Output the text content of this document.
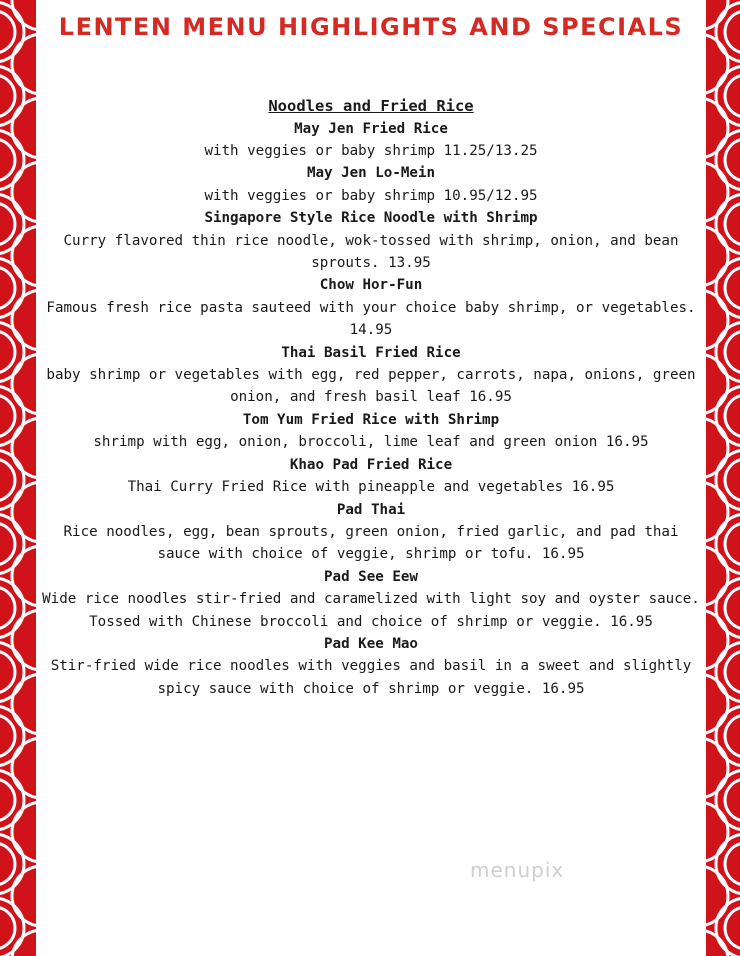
LENTEN MENU HIGHLIGHTS AND SPECIALS
Noodles and Fried Rice
May Jen Fried Rice
with veggies or baby shrimp 11.25/13.25
May Jen Lo-Mein
with veggies or baby shrimp 10.95/12.95
Singapore Style Rice Noodle with Shrimp
Curry flavored thin rice noodle, wok-tossed with shrimp, onion, and bean sprouts. 13.95
Chow Hor-Fun
Famous fresh rice pasta sauteed with your choice baby shrimp, or vegetables. 14.95
Thai Basil Fried Rice
baby shrimp or vegetables with egg, red pepper, carrots, napa, onions, green onion, and fresh basil leaf 16.95
Tom Yum Fried Rice with Shrimp
shrimp with egg, onion, broccoli, lime leaf and green onion 16.95
Khao Pad Fried Rice
Thai Curry Fried Rice with pineapple and vegetables 16.95
Pad Thai
Rice noodles, egg, bean sprouts, green onion, fried garlic, and pad thai sauce with choice of veggie, shrimp or tofu. 16.95
Pad See Eew
Wide rice noodles stir-fried and caramelized with light soy and oyster sauce. Tossed with Chinese broccoli and choice of shrimp or veggie. 16.95
Pad Kee Mao
Stir-fried wide rice noodles with veggies and basil in a sweet and slightly spicy sauce with choice of shrimp or veggie. 16.95
menupix
